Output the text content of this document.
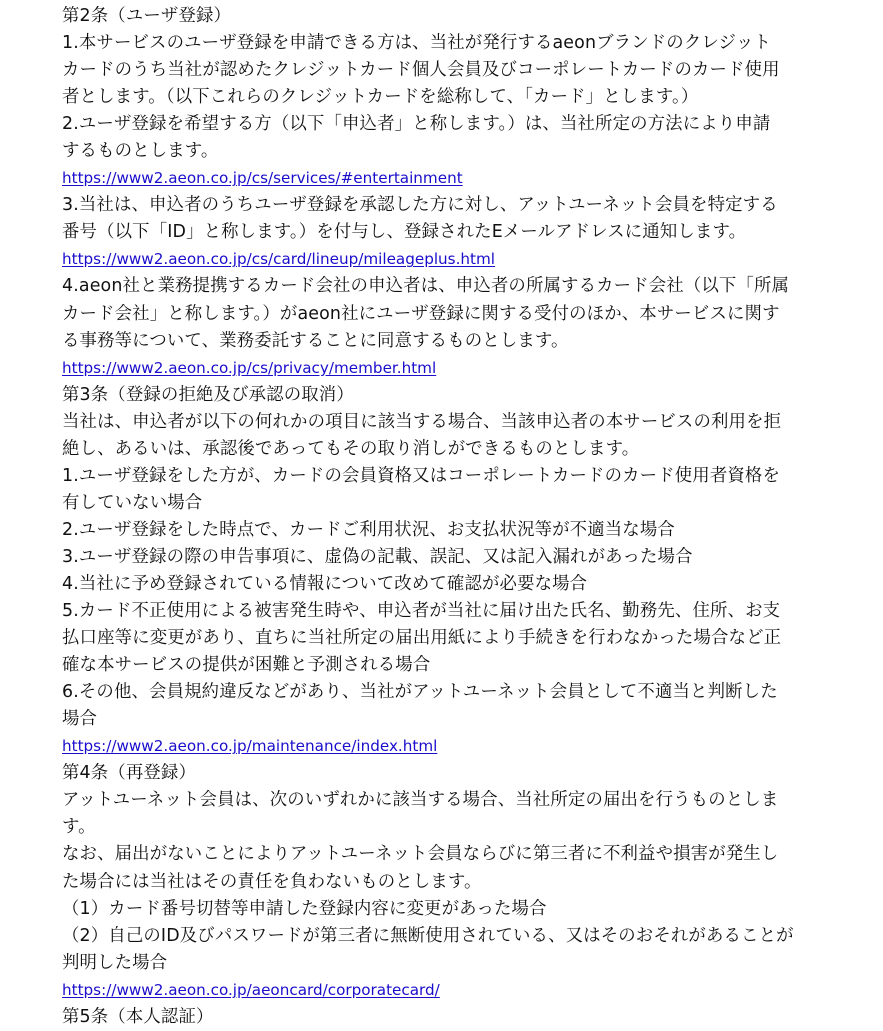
第2条（ユーザ登録）
1.本サービスのユーザ登録を申請できる方は、当社が発行するaeonブランドのクレジット
カードのうち当社が認めたクレジットカード個人会員及びコーポレートカードのカード使用
者とします。（以下これらのクレジットカードを総称して、「カード」とします。）
2.ユーザ登録を希望する方（以下「申込者」と称します。）は、当社所定の方法により申請
するものとします。
https://www2.aeon.co.jp/cs/services/#entertainment
3.当社は、申込者のうちユーザ登録を承認した方に対し、アットユーネット会員を特定する
番号（以下「ID」と称します。）を付与し、登録されたEメールアドレスに通知します。
https://www2.aeon.co.jp/cs/card/lineup/mileageplus.html
4.aeon社と業務提携するカード会社の申込者は、申込者の所属するカード会社（以下「所属
カード会社」と称します。）がaeon社にユーザ登録に関する受付のほか、本サービスに関す
る事務等について、業務委託することに同意するものとします。
https://www2.aeon.co.jp/cs/privacy/member.html
第3条（登録の拒絶及び承認の取消）
当社は、申込者が以下の何れかの項目に該当する場合、当該申込者の本サービスの利用を拒
絶し、あるいは、承認後であってもその取り消しができるものとします。
1.ユーザ登録をした方が、カードの会員資格又はコーポレートカードのカード使用者資格を
有していない場合
2.ユーザ登録をした時点で、カードご利用状況、お支払状況等が不適当な場合
3.ユーザ登録の際の申告事項に、虚偽の記載、誤記、又は記入漏れがあった場合
4.当社に予め登録されている情報について改めて確認が必要な場合
5.カード不正使用による被害発生時や、申込者が当社に届け出た氏名、勤務先、住所、お支
払口座等に変更があり、直ちに当社所定の届出用紙により手続きを行わなかった場合など正
確な本サービスの提供が困難と予測される場合
6.その他、会員規約違反などがあり、当社がアットユーネット会員として不適当と判断した
場合
https://www2.aeon.co.jp/maintenance/index.html
第4条（再登録）
アットユーネット会員は、次のいずれかに該当する場合、当社所定の届出を行うものとしま
す。
なお、届出がないことによりアットユーネット会員ならびに第三者に不利益や損害が発生し
た場合には当社はその責任を負わないものとします。
（1）カード番号切替等申請した登録内容に変更があった場合
（2）自己のID及びパスワードが第三者に無断使用されている、又はそのおそれがあることが
判明した場合
https://www2.aeon.co.jp/aeoncard/corporatecard/
第5条（本人認証）
